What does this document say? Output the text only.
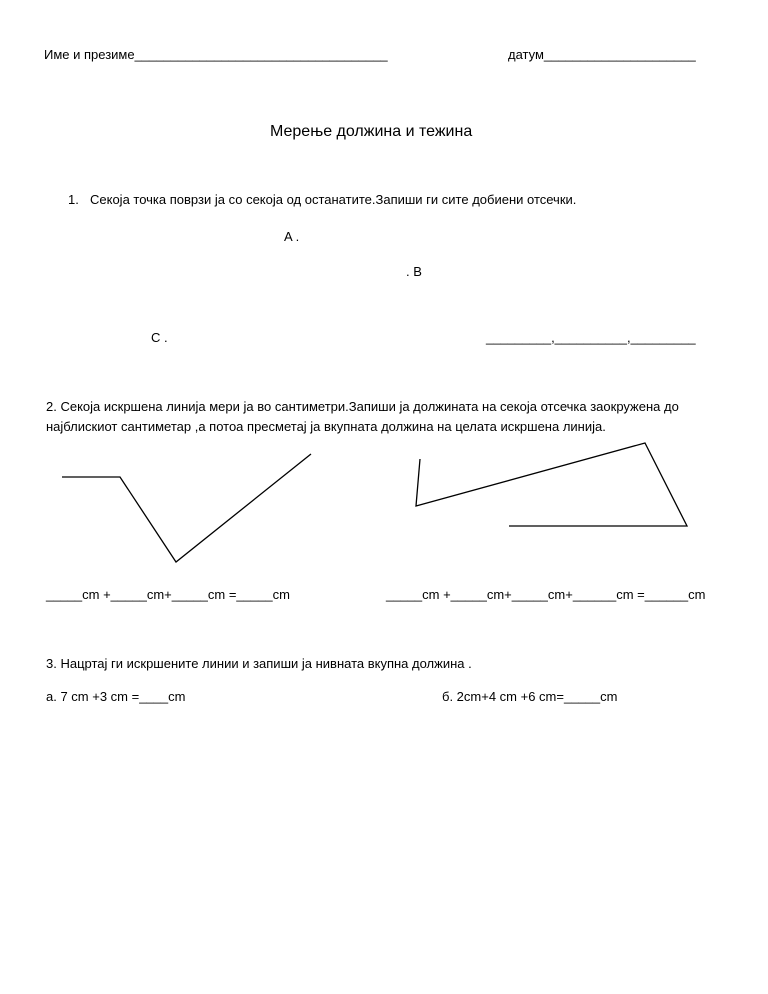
Име и презиме___________________________________	датум_____________________
Мерење должина и тежина
1. Секоја точка поврзи ја со секоја од останатите.Запиши ги сите добиени отсечки.
A .
. B
C .	_________,__________,_________
2. Секоја искршена линија мери ја во сантиметри.Запиши ја должината на секоја отсечка заокружена до
најблискиот сантиметар ,а потоа пресметај ја вкупната должина на целата искршена линија.
_____cm +_____cm+_____cm =_____cm	_____cm +_____cm+_____cm+______cm =______cm
3. Нацртај ги искршените линии и запиши ја нивната вкупна должина .
а. 7 cm +3 cm =____cm	б. 2cm+4 cm +6 cm=_____cm
